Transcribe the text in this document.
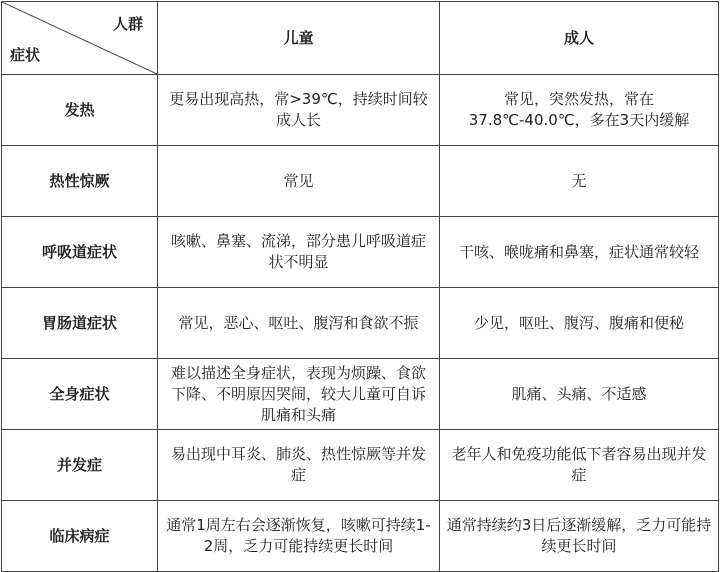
人群
症状	儿童	成人
发热	更易出现高热，常>39℃，持续时间较成人长	常见，突然发热，常在37.8℃-40.0℃，多在3天内缓解
热性惊厥	常见	无
呼吸道症状	咳嗽、鼻塞、流涕，部分患儿呼吸道症状不明显	干咳、喉咙痛和鼻塞，症状通常较轻
胃肠道症状	常见，恶心、呕吐、腹泻和食欲不振	少见，呕吐、腹泻、腹痛和便秘
全身症状	难以描述全身症状，表现为烦躁、食欲下降、不明原因哭闹，较大儿童可自诉肌痛和头痛	肌痛、头痛、不适感
并发症	易出现中耳炎、肺炎、热性惊厥等并发症	老年人和免疫功能低下者容易出现并发症
临床病症	通常1周左右会逐渐恢复，咳嗽可持续1-2周，乏力可能持续更长时间	通常持续约3日后逐渐缓解，乏力可能持续更长时间
